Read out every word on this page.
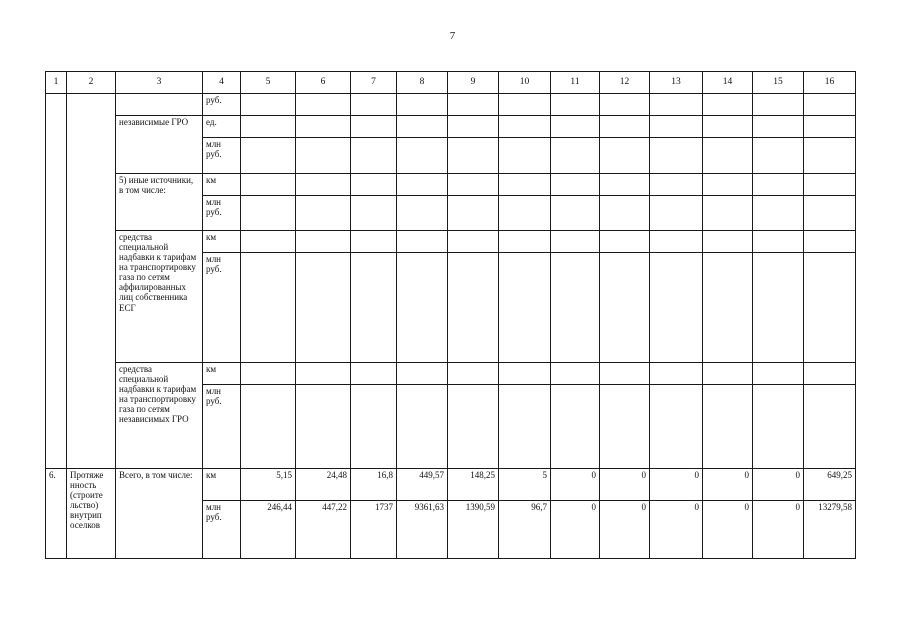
7
1	2	3	4	5	6	7	8	9	10	11	12	13	14	15	16
			руб.												
		независимые ГРО	ед.												
			млн руб.												
		5) иные источники, в том числе:	км												
			млн руб.												
		средства специальной надбавки к тарифам на транспортировку газа по сетям аффилированных лиц собственника ЕСГ	км												
			млн руб.												
		средства специальной надбавки к тарифам на транспортировку газа по сетям независимых ГРО	км												
			млн руб.												
6.	Протяже нность (строите льство) внутрип оселков	Всего, в том числе:	км	5,15	24,48	16,8	449,57	148,25	5	0	0	0	0	0	649,25
			млн руб.	246,44	447,22	1737	9361,63	1390,59	96,7	0	0	0	0	0	13279,58
